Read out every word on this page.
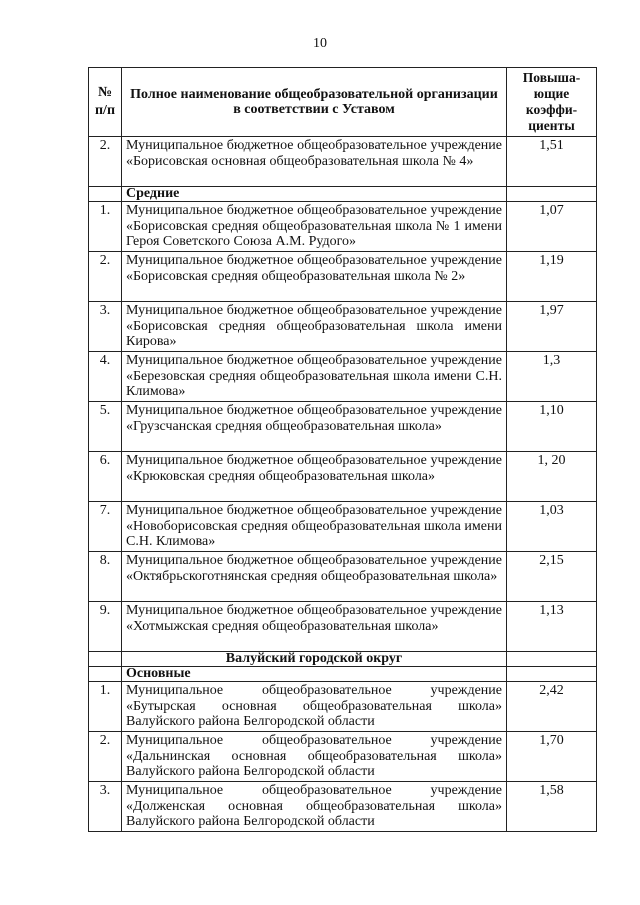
10
№ п/п	Полное наименование общеобразовательной организации в соответствии с Уставом	Повыша-ющие коэффи-циенты
2.	Муниципальное бюджетное общеобразовательное учреждение «Борисовская основная общеобразовательная школа № 4»	1,51
	Средние	
1.	Муниципальное бюджетное общеобразовательное учреждение «Борисовская средняя общеобразовательная школа № 1 имени Героя Советского Союза А.М. Рудого»	1,07
2.	Муниципальное бюджетное общеобразовательное учреждение «Борисовская средняя общеобразовательная школа № 2»	1,19
3.	Муниципальное бюджетное общеобразовательное учреждение «Борисовская средняя общеобразовательная школа имени Кирова»	1,97
4.	Муниципальное бюджетное общеобразовательное учреждение «Березовская средняя общеобразовательная школа имени С.Н. Климова»	1,3
5.	Муниципальное бюджетное общеобразовательное учреждение «Грузсчанская средняя общеобразовательная школа»	1,10
6.	Муниципальное бюджетное общеобразовательное учреждение «Крюковская средняя общеобразовательная школа»	1, 20
7.	Муниципальное бюджетное общеобразовательное учреждение «Новоборисовская средняя общеобразовательная школа имени С.Н. Климова»	1,03
8.	Муниципальное бюджетное общеобразовательное учреждение «Октябрьскоготнянская средняя общеобразовательная школа»	2,15
9.	Муниципальное бюджетное общеобразовательное учреждение «Хотмыжская средняя общеобразовательная школа»	1,13
	Валуйский городской округ	
	Основные	
1.	Муниципальное общеобразовательное учреждение «Бутырская основная общеобразовательная школа» Валуйского района Белгородской области	2,42
2.	Муниципальное общеобразовательное учреждение «Дальнинская основная общеобразовательная школа» Валуйского района Белгородской области	1,70
3.	Муниципальное общеобразовательное учреждение «Долженская основная общеобразовательная школа» Валуйского района Белгородской области	1,58
